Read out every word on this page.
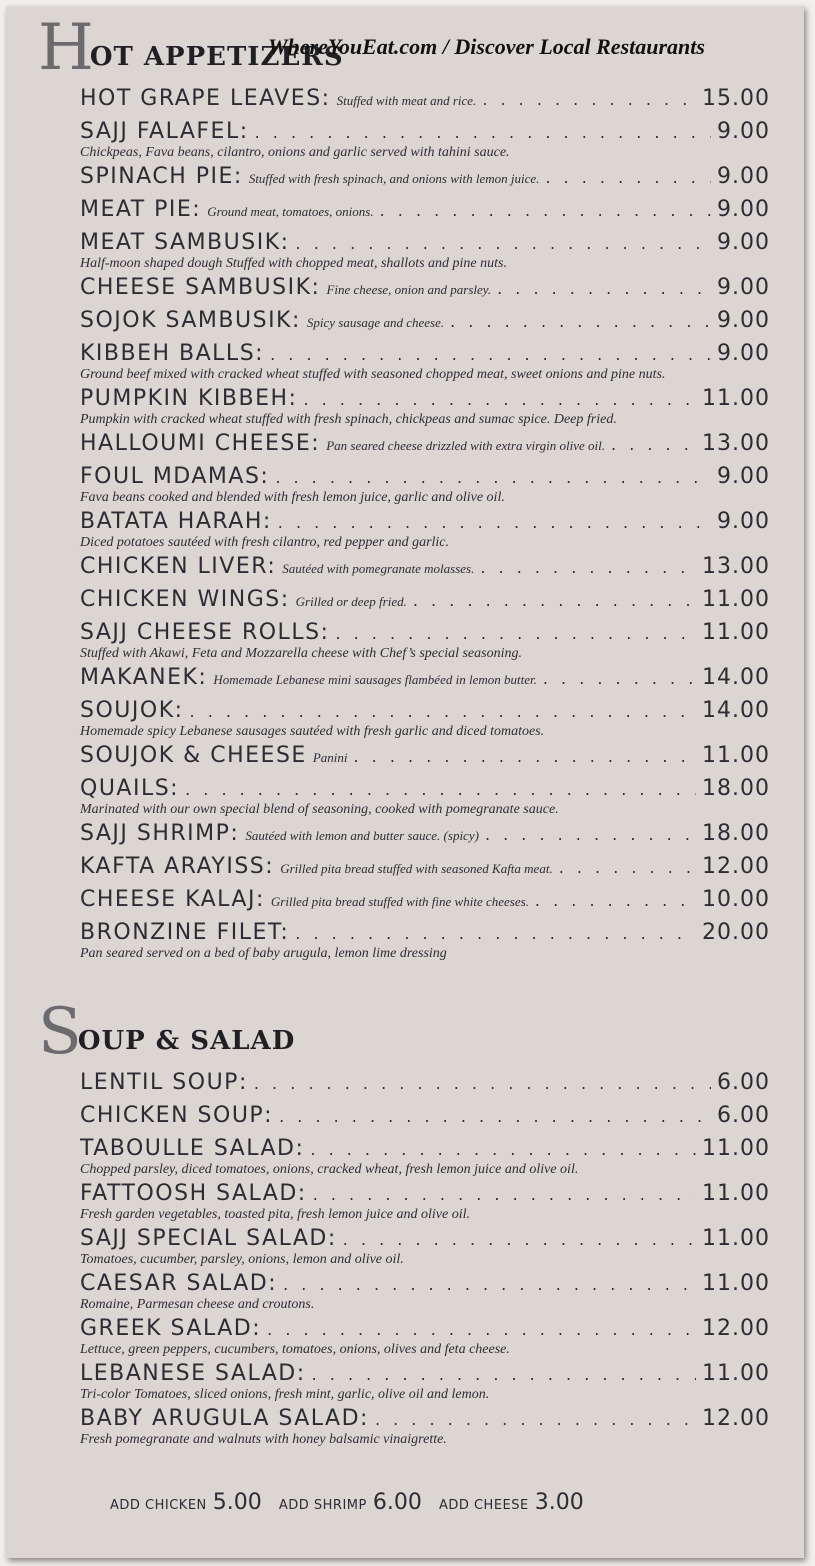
WhereYouEat.com / Discover Local Restaurants
H
OT APPETIZERS
HOT GRAPE LEAVES: Stuffed with meat and rice. . . .	15.00
SAJJ FALAFEL: . . .	9.00
Chickpeas, Fava beans, cilantro, onions and garlic served with tahini sauce.
SPINACH PIE: Stuffed with fresh spinach, and onions with lemon juice. . . .	9.00
MEAT PIE: Ground meat, tomatoes, onions. . . .	9.00
MEAT SAMBUSIK: . . .	9.00
Half-moon shaped dough Stuffed with chopped meat, shallots and pine nuts.
CHEESE SAMBUSIK: Fine cheese, onion and parsley. . . .	9.00
SOJOK SAMBUSIK: Spicy sausage and cheese. . . .	9.00
KIBBEH BALLS: . . .	9.00
Ground beef mixed with cracked wheat stuffed with seasoned chopped meat, sweet onions and pine nuts.
PUMPKIN KIBBEH: . . .	11.00
Pumpkin with cracked wheat stuffed with fresh spinach, chickpeas and sumac spice. Deep fried.
HALLOUMI CHEESE: Pan seared cheese drizzled with extra virgin olive oil. . . .	13.00
FOUL MDAMAS: . . .	9.00
Fava beans cooked and blended with fresh lemon juice, garlic and olive oil.
BATATA HARAH: . . .	9.00
Diced potatoes sautéed with fresh cilantro, red pepper and garlic.
CHICKEN LIVER: Sautéed with pomegranate molasses. . . .	13.00
CHICKEN WINGS: Grilled or deep fried. . . .	11.00
SAJJ CHEESE ROLLS: . . .	11.00
Stuffed with Akawi, Feta and Mozzarella cheese with Chef’s special seasoning.
MAKANEK: Homemade Lebanese mini sausages flambéed in lemon butter. . . .	14.00
SOUJOK: . . .	14.00
Homemade spicy Lebanese sausages sautéed with fresh garlic and diced tomatoes.
SOUJOK & CHEESE Panini . . .	11.00
QUAILS: . . .	18.00
Marinated with our own special blend of seasoning, cooked with pomegranate sauce.
SAJJ SHRIMP: Sautéed with lemon and butter sauce. (spicy) . . .	18.00
KAFTA ARAYISS: Grilled pita bread stuffed with seasoned Kafta meat. . . .	12.00
CHEESE KALAJ: Grilled pita bread stuffed with fine white cheeses. . . .	10.00
BRONZINE FILET: . . .	20.00
Pan seared served on a bed of baby arugula, lemon lime dressing
S
OUP & SALAD
LENTIL SOUP: . . .	6.00
CHICKEN SOUP: . . .	6.00
TABOULLE SALAD: . . .	11.00
Chopped parsley, diced tomatoes, onions, cracked wheat, fresh lemon juice and olive oil.
FATTOOSH SALAD: . . .	11.00
Fresh garden vegetables, toasted pita, fresh lemon juice and olive oil.
SAJJ SPECIAL SALAD: . . .	11.00
Tomatoes, cucumber, parsley, onions, lemon and olive oil.
CAESAR SALAD: . . .	11.00
Romaine, Parmesan cheese and croutons.
GREEK SALAD: . . .	12.00
Lettuce, green peppers, cucumbers, tomatoes, onions, olives and feta cheese.
LEBANESE SALAD: . . .	11.00
Tri-color Tomatoes, sliced onions, fresh mint, garlic, olive oil and lemon.
BABY ARUGULA SALAD: . . .	12.00
Fresh pomegranate and walnuts with honey balsamic vinaigrette.
ADD CHICKEN 5.00 ADD SHRIMP 6.00 ADD CHEESE 3.00
